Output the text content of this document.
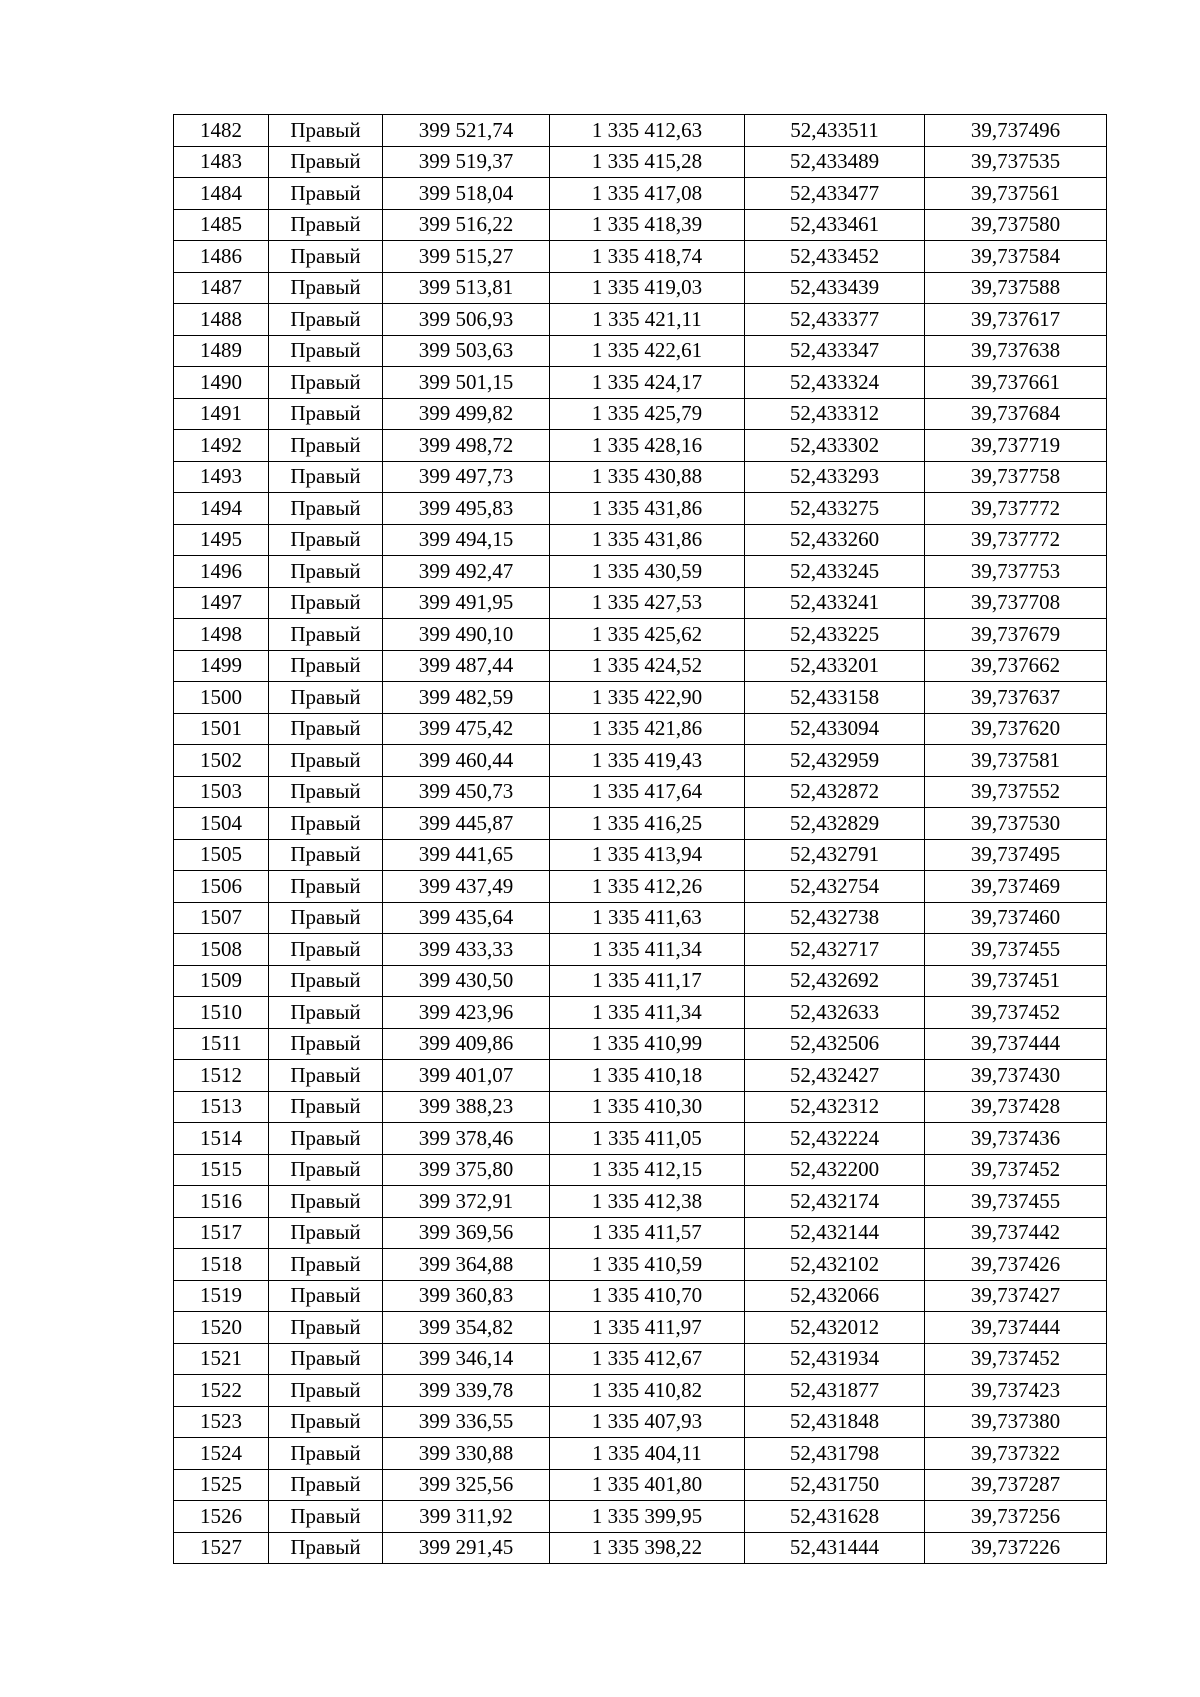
1482	Правый	399 521,74	1 335 412,63	52,433511	39,737496
1483	Правый	399 519,37	1 335 415,28	52,433489	39,737535
1484	Правый	399 518,04	1 335 417,08	52,433477	39,737561
1485	Правый	399 516,22	1 335 418,39	52,433461	39,737580
1486	Правый	399 515,27	1 335 418,74	52,433452	39,737584
1487	Правый	399 513,81	1 335 419,03	52,433439	39,737588
1488	Правый	399 506,93	1 335 421,11	52,433377	39,737617
1489	Правый	399 503,63	1 335 422,61	52,433347	39,737638
1490	Правый	399 501,15	1 335 424,17	52,433324	39,737661
1491	Правый	399 499,82	1 335 425,79	52,433312	39,737684
1492	Правый	399 498,72	1 335 428,16	52,433302	39,737719
1493	Правый	399 497,73	1 335 430,88	52,433293	39,737758
1494	Правый	399 495,83	1 335 431,86	52,433275	39,737772
1495	Правый	399 494,15	1 335 431,86	52,433260	39,737772
1496	Правый	399 492,47	1 335 430,59	52,433245	39,737753
1497	Правый	399 491,95	1 335 427,53	52,433241	39,737708
1498	Правый	399 490,10	1 335 425,62	52,433225	39,737679
1499	Правый	399 487,44	1 335 424,52	52,433201	39,737662
1500	Правый	399 482,59	1 335 422,90	52,433158	39,737637
1501	Правый	399 475,42	1 335 421,86	52,433094	39,737620
1502	Правый	399 460,44	1 335 419,43	52,432959	39,737581
1503	Правый	399 450,73	1 335 417,64	52,432872	39,737552
1504	Правый	399 445,87	1 335 416,25	52,432829	39,737530
1505	Правый	399 441,65	1 335 413,94	52,432791	39,737495
1506	Правый	399 437,49	1 335 412,26	52,432754	39,737469
1507	Правый	399 435,64	1 335 411,63	52,432738	39,737460
1508	Правый	399 433,33	1 335 411,34	52,432717	39,737455
1509	Правый	399 430,50	1 335 411,17	52,432692	39,737451
1510	Правый	399 423,96	1 335 411,34	52,432633	39,737452
1511	Правый	399 409,86	1 335 410,99	52,432506	39,737444
1512	Правый	399 401,07	1 335 410,18	52,432427	39,737430
1513	Правый	399 388,23	1 335 410,30	52,432312	39,737428
1514	Правый	399 378,46	1 335 411,05	52,432224	39,737436
1515	Правый	399 375,80	1 335 412,15	52,432200	39,737452
1516	Правый	399 372,91	1 335 412,38	52,432174	39,737455
1517	Правый	399 369,56	1 335 411,57	52,432144	39,737442
1518	Правый	399 364,88	1 335 410,59	52,432102	39,737426
1519	Правый	399 360,83	1 335 410,70	52,432066	39,737427
1520	Правый	399 354,82	1 335 411,97	52,432012	39,737444
1521	Правый	399 346,14	1 335 412,67	52,431934	39,737452
1522	Правый	399 339,78	1 335 410,82	52,431877	39,737423
1523	Правый	399 336,55	1 335 407,93	52,431848	39,737380
1524	Правый	399 330,88	1 335 404,11	52,431798	39,737322
1525	Правый	399 325,56	1 335 401,80	52,431750	39,737287
1526	Правый	399 311,92	1 335 399,95	52,431628	39,737256
1527	Правый	399 291,45	1 335 398,22	52,431444	39,737226
